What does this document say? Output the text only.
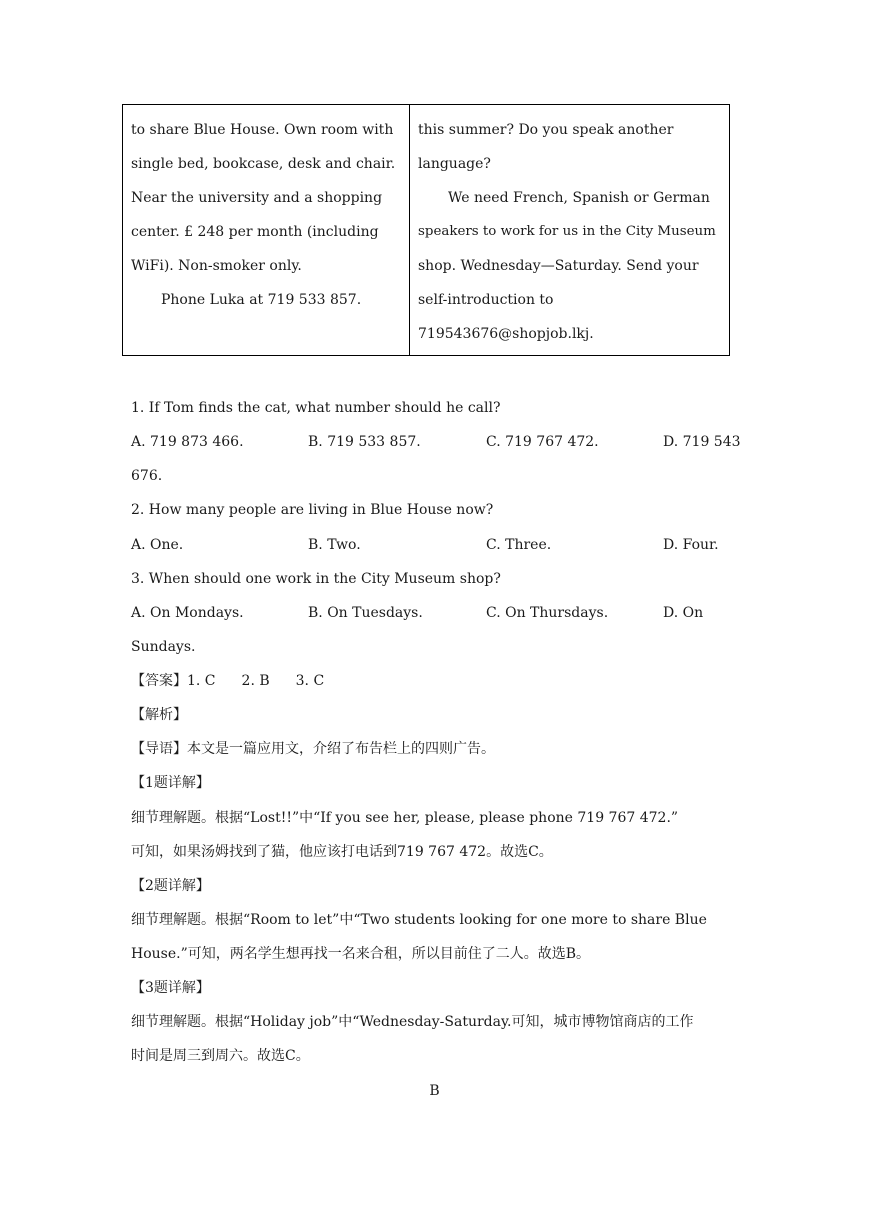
to share Blue House. Own room with
single bed, bookcase, desk and chair.
Near the university and a shopping
center. £ 248 per month (including
WiFi). Non-smoker only.
Phone Luka at 719 533 857.
this summer? Do you speak another
language?
We need French, Spanish or German
speakers to work for us in the City Museum
shop. Wednesday—Saturday. Send your
self-introduction to
719543676@shopjob.lkj.
1. If Tom finds the cat, what number should he call?
A. 719 873 466.	B. 719 533 857.	C. 719 767 472.	D. 719 543
676.
2. How many people are living in Blue House now?
A. One.	B. Two.	C. Three.	D. Four.
3. When should one work in the City Museum shop?
A. On Mondays.	B. On Tuesdays.	C. On Thursdays.	D. On
Sundays.
【答案】1. C 2. B 3. C
【解析】
【导语】本文是一篇应用文，介绍了布告栏上的四则广告。
【1题详解】
细节理解题。根据“Lost!!”中“If you see her, please, please phone 719 767 472.”
可知，如果汤姆找到了猫，他应该打电话到719 767 472。故选C。
【2题详解】
细节理解题。根据“Room to let”中“Two students looking for one more to share Blue
House.”可知，两名学生想再找一名来合租，所以目前住了二人。故选B。
【3题详解】
细节理解题。根据“Holiday job”中“Wednesday-Saturday.可知，城市博物馆商店的工作
时间是周三到周六。故选C。
B
